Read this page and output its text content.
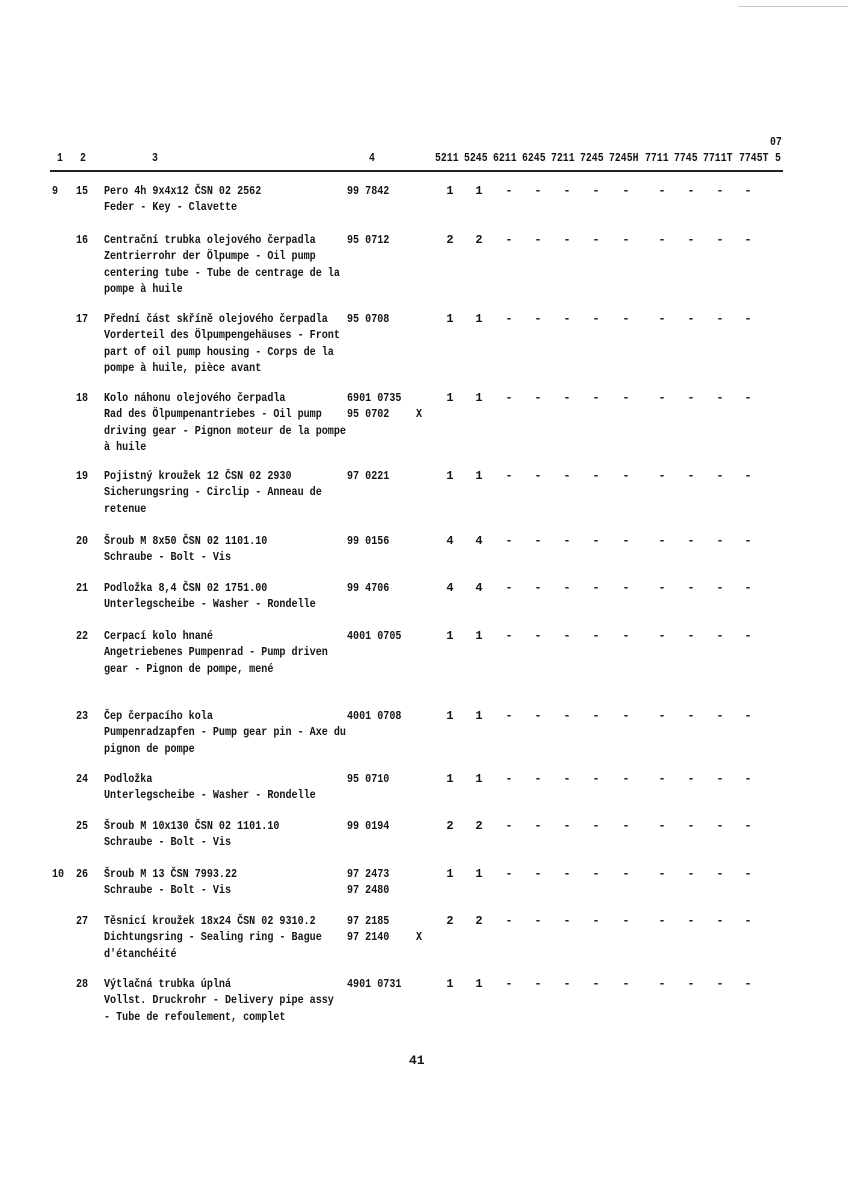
1 2	3	4	5211 5245 6211 6245 7211 7245 7245H 7711 7745 7711T 7745T
07
5
9 15 Pero 4h 9x4x12 ČSN 02 2562
Feder - Key - Clavette
99 7842	1	1	- - - - - - - - -
16 Centrační trubka olejového čerpadla
Zentrierrohr der Ölpumpe - Oil pump
centering tube - Tube de centrage de la
pompe à huile
95 0712	2	2	- - - - - - - - -
17 Přední část skříně olejového čerpadla
Vorderteil des Ölpumpengehäuses - Front
part of oil pump housing - Corps de la
pompe à huile, pièce avant
95 0708	1	1	- - - - - - - - -
18 Kolo náhonu olejového čerpadla
Rad des Ölpumpenantriebes - Oil pump
driving gear - Pignon moteur de la pompe
à huile
6901 0735
95 0702	X
1	1	- - - - - - - - -
19 Pojistný kroužek 12 ČSN 02 2930
Sicherungsring - Circlip - Anneau de
retenue
97 0221	1	1	- - - - - - - - -
20 Šroub M 8x50 ČSN 02 1101.10
Schraube - Bolt - Vis
99 0156	4	4	- - - - - - - - -
21 Podložka 8,4 ČSN 02 1751.00
Unterlegscheibe - Washer - Rondelle
99 4706	4	4	- - - - - - - - -
22 Cerpací kolo hnané
Angetriebenes Pumpenrad - Pump driven
gear - Pignon de pompe, mené
4001 0705	1	1	- - - - - - - - -
23 Čep čerpacího kola
Pumpenradzapfen - Pump gear pin - Axe du
pignon de pompe
4001 0708	1	1	- - - - - - - - -
24 Podložka
Unterlegscheibe - Washer - Rondelle
95 0710	1	1	- - - - - - - - -
25 Šroub M 10x130 ČSN 02 1101.10
Schraube - Bolt - Vis
99 0194	2	2	- - - - - - - - -
10 26 Šroub M 13 ČSN 7993.22
Schraube - Bolt - Vis
97 2473
97 2480
1	1	- - - - - - - - -
27 Těsnicí kroužek 18x24 ČSN 02 9310.2
Dichtungsring - Sealing ring - Bague
d'étanchéité
97 2185
97 2140 X
2	2	- - - - - - - - -
28 Výtlačná trubka úplná
Vollst. Druckrohr - Delivery pipe assy
- Tube de refoulement, complet
4901 0731	1	1	- - - - - - - - -
41
